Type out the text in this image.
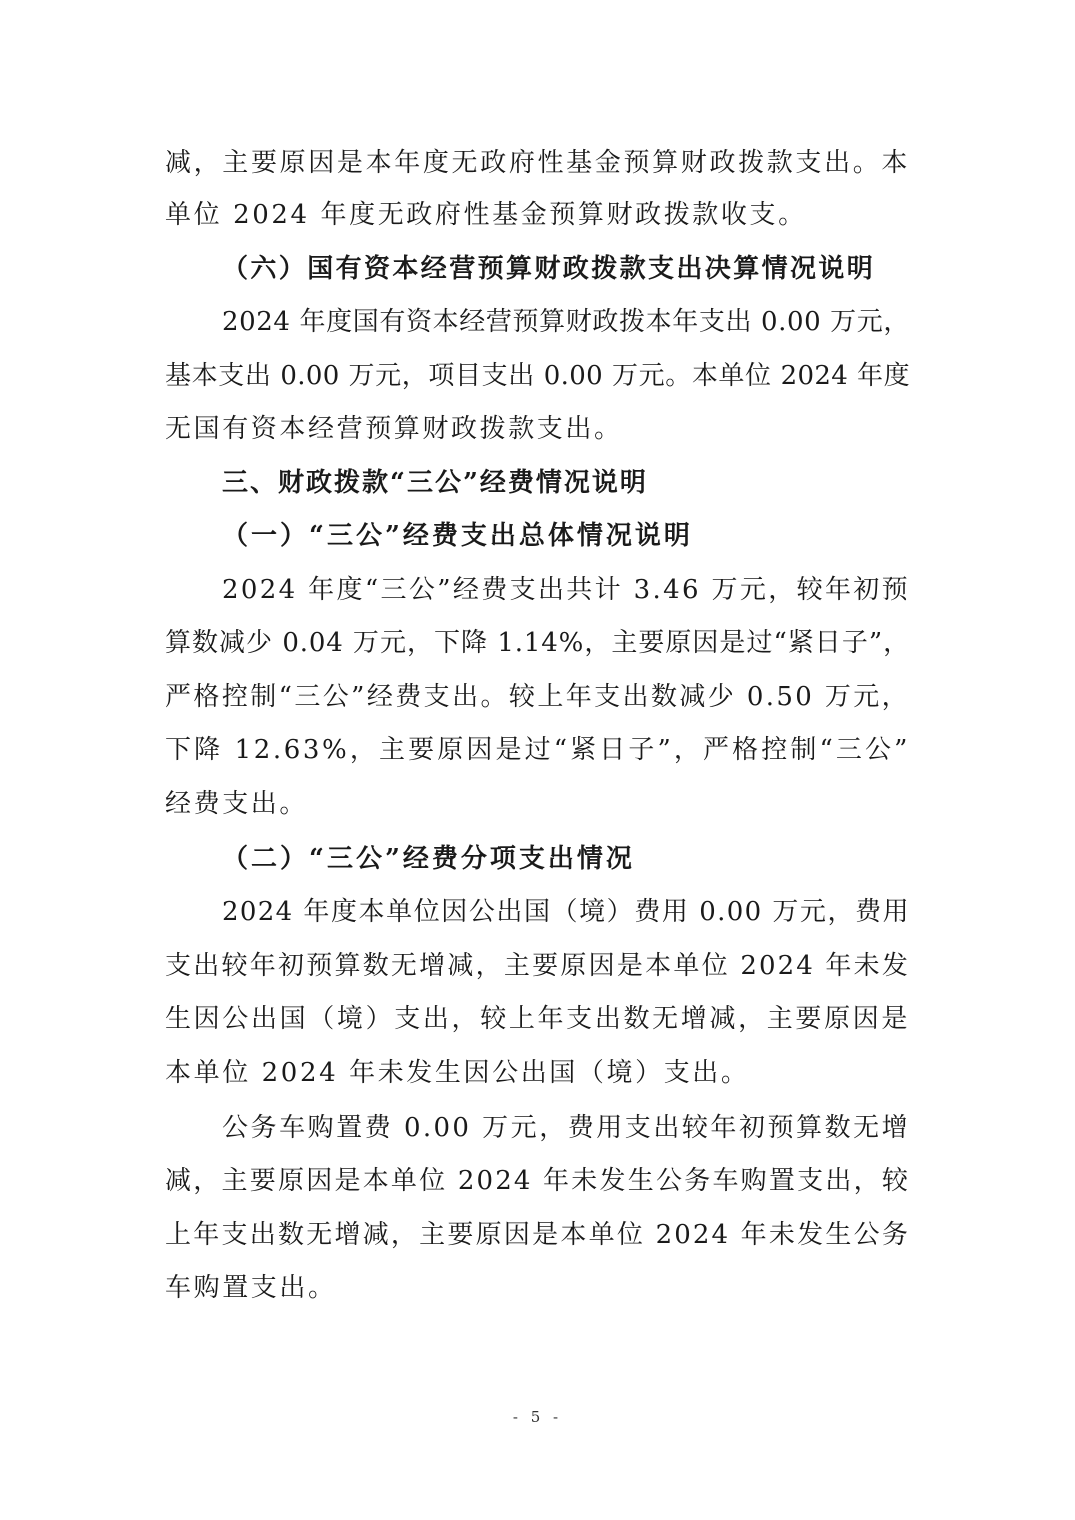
减，主要原因是本年度无政府性基金预算财政拨款支出。本
单位 2024 年度无政府性基金预算财政拨款收支。
（六）国有资本经营预算财政拨款支出决算情况说明
2024 年度国有资本经营预算财政拨本年支出 0.00 万元，
基本支出 0.00 万元，项目支出 0.00 万元。本单位 2024 年度
无国有资本经营预算财政拨款支出。
三、财政拨款“三公”经费情况说明
（一）“三公”经费支出总体情况说明
2024 年度“三公”经费支出共计 3.46 万元，较年初预
算数减少 0.04 万元，下降 1.14%，主要原因是过“紧日子”，
严格控制“三公”经费支出。较上年支出数减少 0.50 万元，
下降 12.63%，主要原因是过“紧日子”，严格控制“三公”
经费支出。
（二）“三公”经费分项支出情况
2024 年度本单位因公出国（境）费用 0.00 万元，费用
支出较年初预算数无增减，主要原因是本单位 2024 年未发
生因公出国（境）支出，较上年支出数无增减，主要原因是
本单位 2024 年未发生因公出国（境）支出。
公务车购置费 0.00 万元，费用支出较年初预算数无增
减，主要原因是本单位 2024 年未发生公务车购置支出，较
上年支出数无增减，主要原因是本单位 2024 年未发生公务
车购置支出。
- 5 -
